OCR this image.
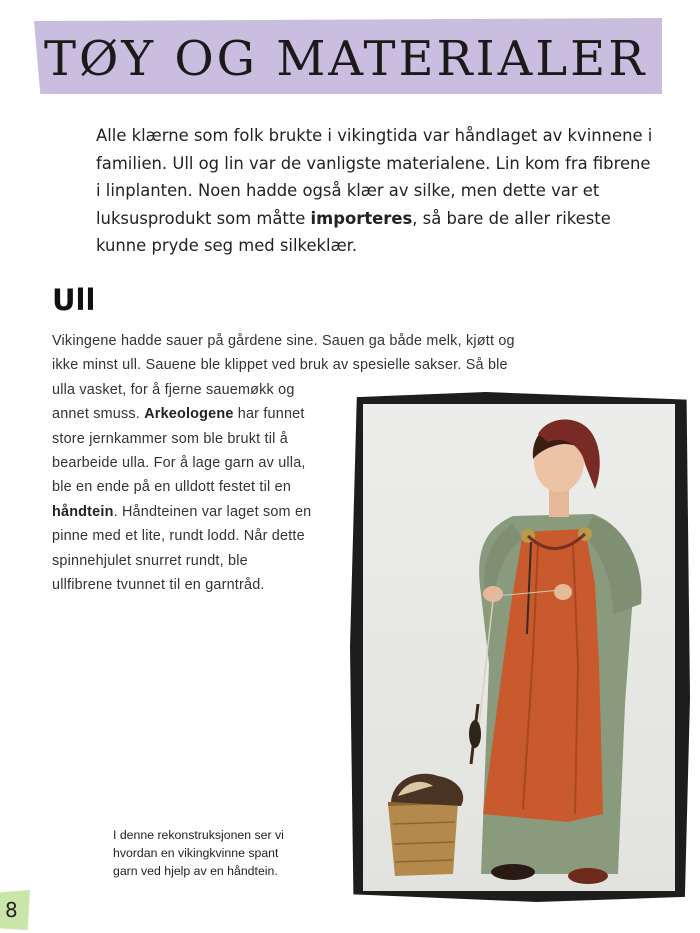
TØY OG MATERIALER

Alle klærne som folk brukte i vikingtida var håndlaget av kvinnene i familien. Ull og lin var de vanligste materialene. Lin kom fra fibrene i linplanten. Noen hadde også klær av silke, men dette var et luksusprodukt som måtte importeres, så bare de aller rikeste kunne pryde seg med silkeklær.

Ull
Vikingene hadde sauer på gårdene sine. Sauen ga både melk, kjøtt og
ikke minst ull. Sauene ble klippet ved bruk av spesielle sakser. Så ble
ulla vasket, for å fjerne sauemøkk og
annet smuss. Arkeologene har funnet
store jernkammer som ble brukt til å
bearbeide ulla. For å lage garn av ulla,
ble en ende på en ulldott festet til en
håndtein. Håndteinen var laget som en
pinne med et lite, rundt lodd. Når dette
spinnehjulet snurret rundt, ble
ullfibrene tvunnet til en garntråd.
I denne rekonstruksjonen ser vi
hvordan en vikingkvinne spant
garn ved hjelp av en håndtein.
8
